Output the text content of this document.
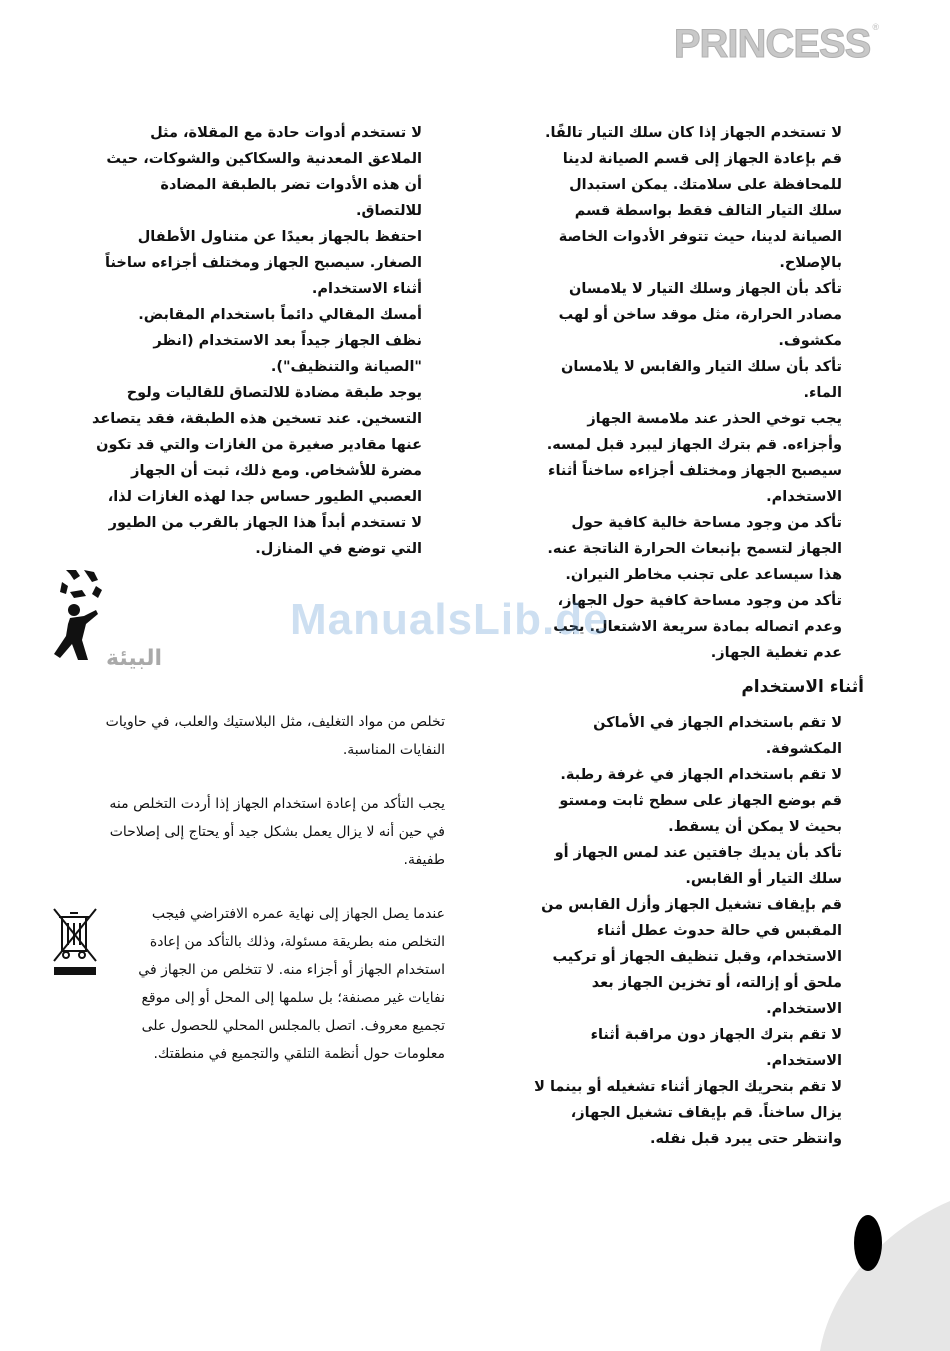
PRINCESS ®

لا تستخدم الجهاز إذا كان سلك التيار تالفًا. قم بإعادة الجهاز إلى قسم الصيانة لدينا للمحافظة على سلامتك. يمكن استبدال سلك التيار التالف فقط بواسطة قسم الصيانة لدينا، حيث تتوفر الأدوات الخاصة بالإصلاح.

تأكد بأن الجهاز وسلك التيار لا يلامسان مصادر الحرارة، مثل موقد ساخن أو لهب مكشوف.

تأكد بأن سلك التيار والقابس لا يلامسان الماء.

يجب توخي الحذر عند ملامسة الجهاز وأجزاءه. قم بترك الجهاز ليبرد قبل لمسه. سيصبح الجهاز ومختلف أجزاءه ساخناً أثناء الاستخدام.

تأكد من وجود مساحة خالية كافية حول الجهاز لتسمح بإنبعاث الحرارة الناتجة عنه. هذا سيساعد على تجنب مخاطر النيران.

تأكد من وجود مساحة كافية حول الجهاز، وعدم اتصاله بمادة سريعة الاشتعال. يجب عدم تغطية الجهاز.

لا تستخدم أدوات حادة مع المقلاة، مثل الملاعق المعدنية والسكاكين والشوكات، حيث أن هذه الأدوات تضر بالطبقة المضادة للالتصاق.

احتفظ بالجهاز بعيدًا عن متناول الأطفال الصغار. سيصبح الجهاز ومختلف أجزاءه ساخناً أثناء الاستخدام.

أمسك المقالي دائماً باستخدام المقابض.

نظف الجهاز جيداً بعد الاستخدام (انظر "الصيانة والتنظيف").

يوجد طبقة مضادة للالتصاق للقاليات ولوح التسخين. عند تسخين هذه الطبقة، فقد يتصاعد عنها مقادير صغيرة من الغازات والتي قد تكون مضرة للأشخاص. ومع ذلك، ثبت أن الجهاز العصبي الطيور حساس جدا لهذه الغازات لذا، لا تستخدم أبداً هذا الجهاز بالقرب من الطيور التي توضع في المنازل.

ManualsLib.de
البيئة
أثناء الاستخدام

لا تقم باستخدام الجهاز في الأماكن المكشوفة.

لا تقم باستخدام الجهاز في غرفة رطبة.

قم بوضع الجهاز على سطح ثابت ومستو بحيث لا يمكن أن يسقط.

تأكد بأن يديك جافتين عند لمس الجهاز أو سلك التيار أو القابس.

قم بإيقاف تشغيل الجهاز وأزل القابس من المقبس في حالة حدوث عطل أثناء الاستخدام، وقبل تنظيف الجهاز أو تركيب ملحق أو إزالته، أو تخزين الجهاز بعد الاستخدام.

لا تقم بترك الجهاز دون مراقبة أثناء الاستخدام.

لا تقم بتحريك الجهاز أثناء تشغيله أو بينما لا يزال ساخناً. قم بإيقاف تشغيل الجهاز، وانتظر حتى يبرد قبل نقله.

تخلص من مواد التغليف، مثل البلاستيك والعلب، في حاويات النفايات المناسبة.

يجب التأكد من إعادة استخدام الجهاز إذا أردت التخلص منه في حين أنه لا يزال يعمل بشكل جيد أو يحتاج إلى إصلاحات طفيفة.

عندما يصل الجهاز إلى نهاية عمره الافتراضي فيجب التخلص منه بطريقة مسئولة، وذلك بالتأكد من إعادة استخدام الجهاز أو أجزاء منه. لا تتخلص من الجهاز في نفايات غير مصنفة؛ بل سلمها إلى المحل أو إلى موقع تجميع معروف. اتصل بالمجلس المحلي للحصول على معلومات حول أنظمة التلقي والتجميع في منطقتك.
